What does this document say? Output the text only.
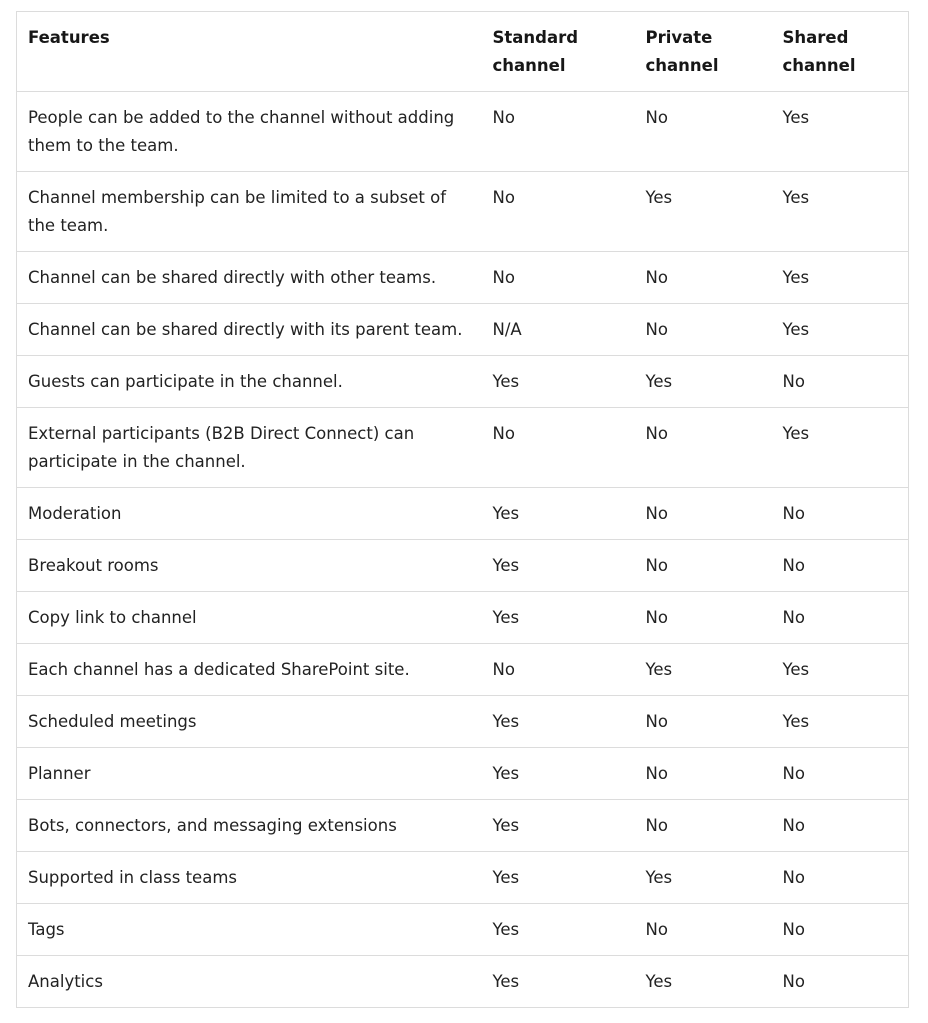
Features	Standard channel	Private channel	Shared channel
People can be added to the channel without adding them to the team.	No	No	Yes
Channel membership can be limited to a subset of the team.	No	Yes	Yes
Channel can be shared directly with other teams.	No	No	Yes
Channel can be shared directly with its parent team.	N/A	No	Yes
Guests can participate in the channel.	Yes	Yes	No
External participants (B2B Direct Connect) can participate in the channel.	No	No	Yes
Moderation	Yes	No	No
Breakout rooms	Yes	No	No
Copy link to channel	Yes	No	No
Each channel has a dedicated SharePoint site.	No	Yes	Yes
Scheduled meetings	Yes	No	Yes
Planner	Yes	No	No
Bots, connectors, and messaging extensions	Yes	No	No
Supported in class teams	Yes	Yes	No
Tags	Yes	No	No
Analytics	Yes	Yes	No
